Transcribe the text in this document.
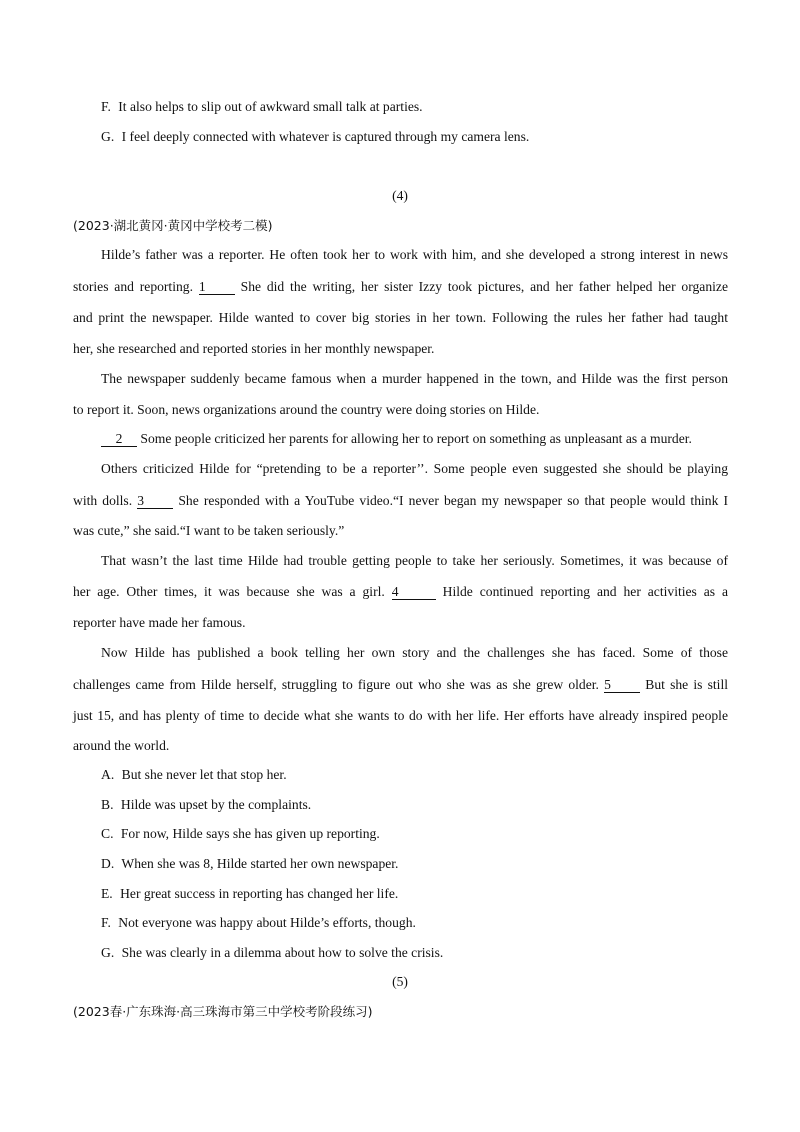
F. It also helps to slip out of awkward small talk at parties.
G. I feel deeply connected with whatever is captured through my camera lens.
(4)
(2023·湖北黄冈·黄冈中学校考二模)
Hilde’s father was a reporter. He often took her to work with him, and she developed a strong interest in news
stories and reporting. 1	She did the writing, her sister Izzy took pictures, and her father helped her organize
and print the newspaper. Hilde wanted to cover big stories in her town. Following the rules her father had taught
her, she researched and reported stories in her monthly newspaper.
The newspaper suddenly became famous when a murder happened in the town, and Hilde was the first person
to report it. Soon, news organizations around the country were doing stories on Hilde.
2 Some people criticized her parents for allowing her to report on something as unpleasant as a murder.
Others criticized Hilde for “pretending to be a reporter’’. Some people even suggested she should be playing
with dolls. 3	She responded with a YouTube video.“I never began my newspaper so that people would think I
was cute,” she said.“I want to be taken seriously.”
That wasn’t the last time Hilde had trouble getting people to take her seriously. Sometimes, it was because of
her age. Other times, it was because she was a girl. 4	Hilde continued reporting and her activities as a
reporter have made her famous.
Now Hilde has published a book telling her own story and the challenges she has faced. Some of those
challenges came from Hilde herself, struggling to figure out who she was as she grew older. 5	But she is still
just 15, and has plenty of time to decide what she wants to do with her life. Her efforts have already inspired people
around the world.
A. But she never let that stop her.
B. Hilde was upset by the complaints.
C. For now, Hilde says she has given up reporting.
D. When she was 8, Hilde started her own newspaper.
E. Her great success in reporting has changed her life.
F. Not everyone was happy about Hilde’s efforts, though.
G. She was clearly in a dilemma about how to solve the crisis.
(5)
(2023春·广东珠海·高三珠海市第三中学校考阶段练习)
